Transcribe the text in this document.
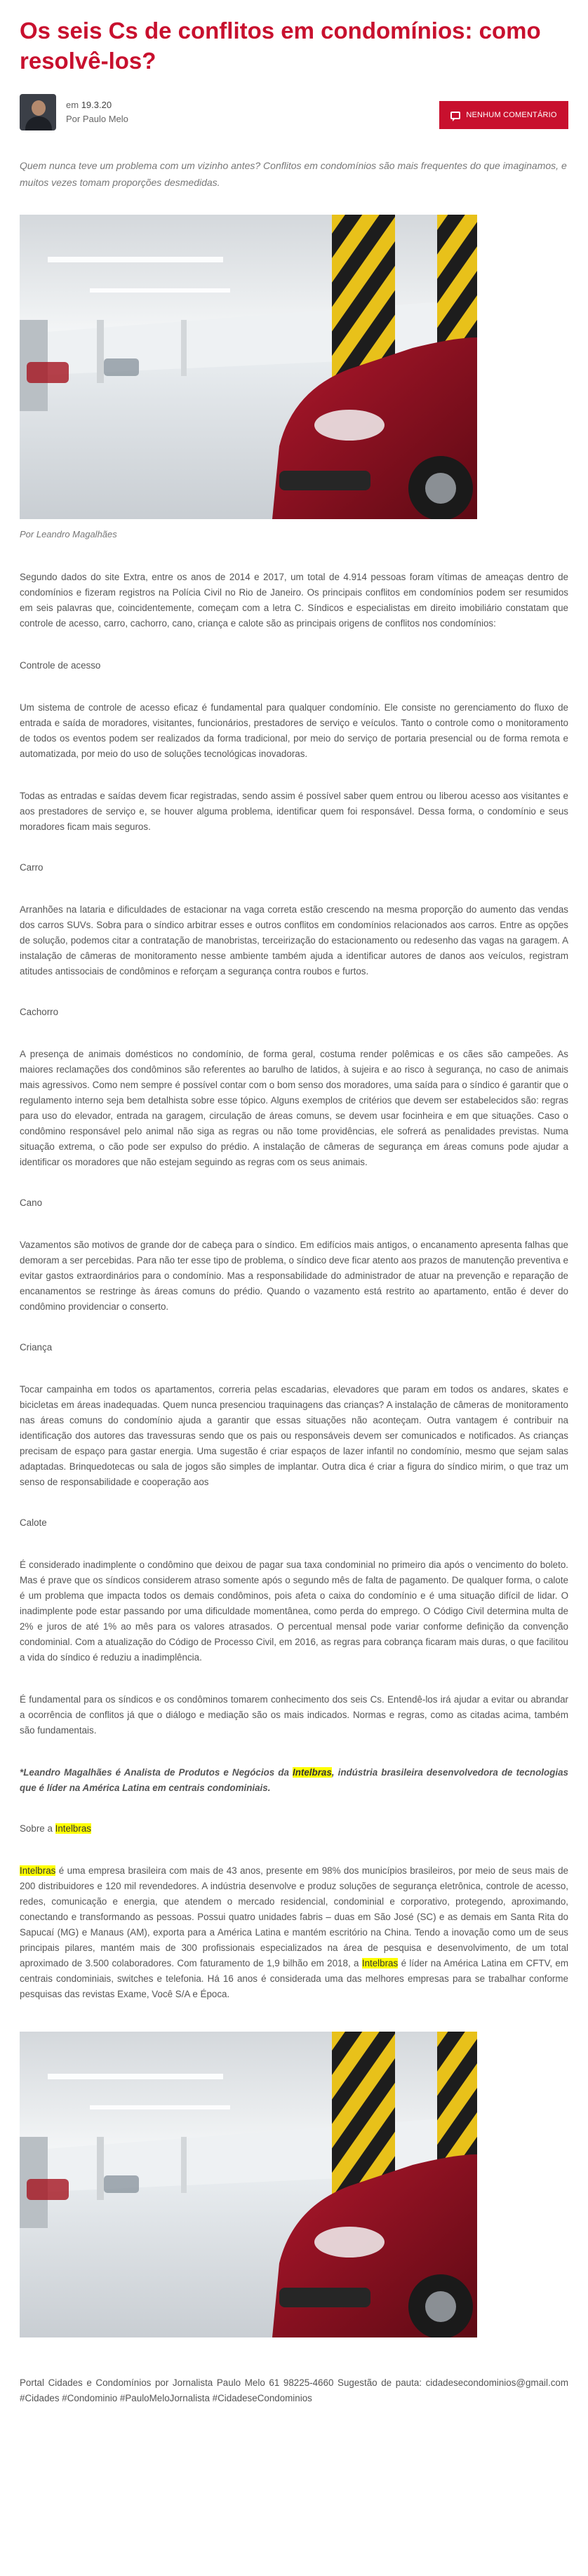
Os seis Cs de conflitos em condomínios: como resolvê-los?
em 19.3.20
Por Paulo Melo	NENHUM COMENTÁRIO
Quem nunca teve um problema com um vizinho antes? Conflitos em condomínios são mais frequentes do que imaginamos, e muitos vezes tomam proporções desmedidas.
Por Leandro Magalhães

Segundo dados do site Extra, entre os anos de 2014 e 2017, um total de 4.914 pessoas foram vítimas de ameaças dentro de condomínios e fizeram registros na Polícia Civil no Rio de Janeiro. Os principais conflitos em condomínios podem ser resumidos em seis palavras que, coincidentemente, começam com a letra C. Síndicos e especialistas em direito imobiliário constatam que controle de acesso, carro, cachorro, cano, criança e calote são as principais origens de conflitos nos condomínios:

Controle de acesso

Um sistema de controle de acesso eficaz é fundamental para qualquer condomínio. Ele consiste no gerenciamento do fluxo de entrada e saída de moradores, visitantes, funcionários, prestadores de serviço e veículos. Tanto o controle como o monitoramento de todos os eventos podem ser realizados da forma tradicional, por meio do serviço de portaria presencial ou de forma remota e automatizada, por meio do uso de soluções tecnológicas inovadoras.

Todas as entradas e saídas devem ficar registradas, sendo assim é possível saber quem entrou ou liberou acesso aos visitantes e aos prestadores de serviço e, se houver alguma problema, identificar quem foi responsável. Dessa forma, o condomínio e seus moradores ficam mais seguros.

Carro

Arranhões na lataria e dificuldades de estacionar na vaga correta estão crescendo na mesma proporção do aumento das vendas dos carros SUVs. Sobra para o síndico arbitrar esses e outros conflitos em condomínios relacionados aos carros. Entre as opções de solução, podemos citar a contratação de manobristas, terceirização do estacionamento ou redesenho das vagas na garagem. A instalação de câmeras de monitoramento nesse ambiente também ajuda a identificar autores de danos aos veículos, registram atitudes antissociais de condôminos e reforçam a segurança contra roubos e furtos.

Cachorro

A presença de animais domésticos no condomínio, de forma geral, costuma render polêmicas e os cães são campeões. As maiores reclamações dos condôminos são referentes ao barulho de latidos, à sujeira e ao risco à segurança, no caso de animais mais agressivos. Como nem sempre é possível contar com o bom senso dos moradores, uma saída para o síndico é garantir que o regulamento interno seja bem detalhista sobre esse tópico. Alguns exemplos de critérios que devem ser estabelecidos são: regras para uso do elevador, entrada na garagem, circulação de áreas comuns, se devem usar focinheira e em que situações. Caso o condômino responsável pelo animal não siga as regras ou não tome providências, ele sofrerá as penalidades previstas. Numa situação extrema, o cão pode ser expulso do prédio. A instalação de câmeras de segurança em áreas comuns pode ajudar a identificar os moradores que não estejam seguindo as regras com os seus animais.

Cano

Vazamentos são motivos de grande dor de cabeça para o síndico. Em edifícios mais antigos, o encanamento apresenta falhas que demoram a ser percebidas. Para não ter esse tipo de problema, o síndico deve ficar atento aos prazos de manutenção preventiva e evitar gastos extraordinários para o condomínio. Mas a responsabilidade do administrador de atuar na prevenção e reparação de encanamentos se restringe às áreas comuns do prédio. Quando o vazamento está restrito ao apartamento, então é dever do condômino providenciar o conserto.

Criança

Tocar campainha em todos os apartamentos, correria pelas escadarias, elevadores que param em todos os andares, skates e bicicletas em áreas inadequadas. Quem nunca presenciou traquinagens das crianças? A instalação de câmeras de monitoramento nas áreas comuns do condomínio ajuda a garantir que essas situações não aconteçam. Outra vantagem é contribuir na identificação dos autores das travessuras sendo que os pais ou responsáveis devem ser comunicados e notificados. As crianças precisam de espaço para gastar energia. Uma sugestão é criar espaços de lazer infantil no condomínio, mesmo que sejam salas adaptadas. Brinquedotecas ou sala de jogos são simples de implantar. Outra dica é criar a figura do síndico mirim, o que traz um senso de responsabilidade e cooperação aos

Calote

É considerado inadimplente o condômino que deixou de pagar sua taxa condominial no primeiro dia após o vencimento do boleto. Mas é prave que os síndicos considerem atraso somente após o segundo mês de falta de pagamento. De qualquer forma, o calote é um problema que impacta todos os demais condôminos, pois afeta o caixa do condomínio e é uma situação difícil de lidar. O inadimplente pode estar passando por uma dificuldade momentânea, como perda do emprego. O Código Civil determina multa de 2% e juros de até 1% ao mês para os valores atrasados. O percentual mensal pode variar conforme definição da convenção condominial. Com a atualização do Código de Processo Civil, em 2016, as regras para cobrança ficaram mais duras, o que facilitou a vida do síndico é reduziu a inadimplência.

É fundamental para os síndicos e os condôminos tomarem conhecimento dos seis Cs. Entendê-los irá ajudar a evitar ou abrandar a ocorrência de conflitos já que o diálogo e mediação são os mais indicados. Normas e regras, como as citadas acima, também são fundamentais.

*Leandro Magalhães é Analista de Produtos e Negócios da Intelbras, indústria brasileira desenvolvedora de tecnologias que é líder na América Latina em centrais condominiais.

Sobre a Intelbras

Intelbras é uma empresa brasileira com mais de 43 anos, presente em 98% dos municípios brasileiros, por meio de seus mais de 200 distribuidores e 120 mil revendedores. A indústria desenvolve e produz soluções de segurança eletrônica, controle de acesso, redes, comunicação e energia, que atendem o mercado residencial, condominial e corporativo, protegendo, aproximando, conectando e transformando as pessoas. Possui quatro unidades fabris – duas em São José (SC) e as demais em Santa Rita do Sapucaí (MG) e Manaus (AM), exporta para a América Latina e mantém escritório na China. Tendo a inovação como um de seus principais pilares, mantém mais de 300 profissionais especializados na área de pesquisa e desenvolvimento, de um total aproximado de 3.500 colaboradores. Com faturamento de 1,9 bilhão em 2018, a Intelbras é líder na América Latina em CFTV, em centrais condominiais, switches e telefonia. Há 16 anos é considerada uma das melhores empresas para se trabalhar conforme pesquisas das revistas Exame, Você S/A e Época.

Portal Cidades e Condomínios por Jornalista Paulo Melo 61 98225-4660 Sugestão de pauta: cidadesecondominios@gmail.com #Cidades #Condominio #PauloMeloJornalista #CidadeseCondominios
